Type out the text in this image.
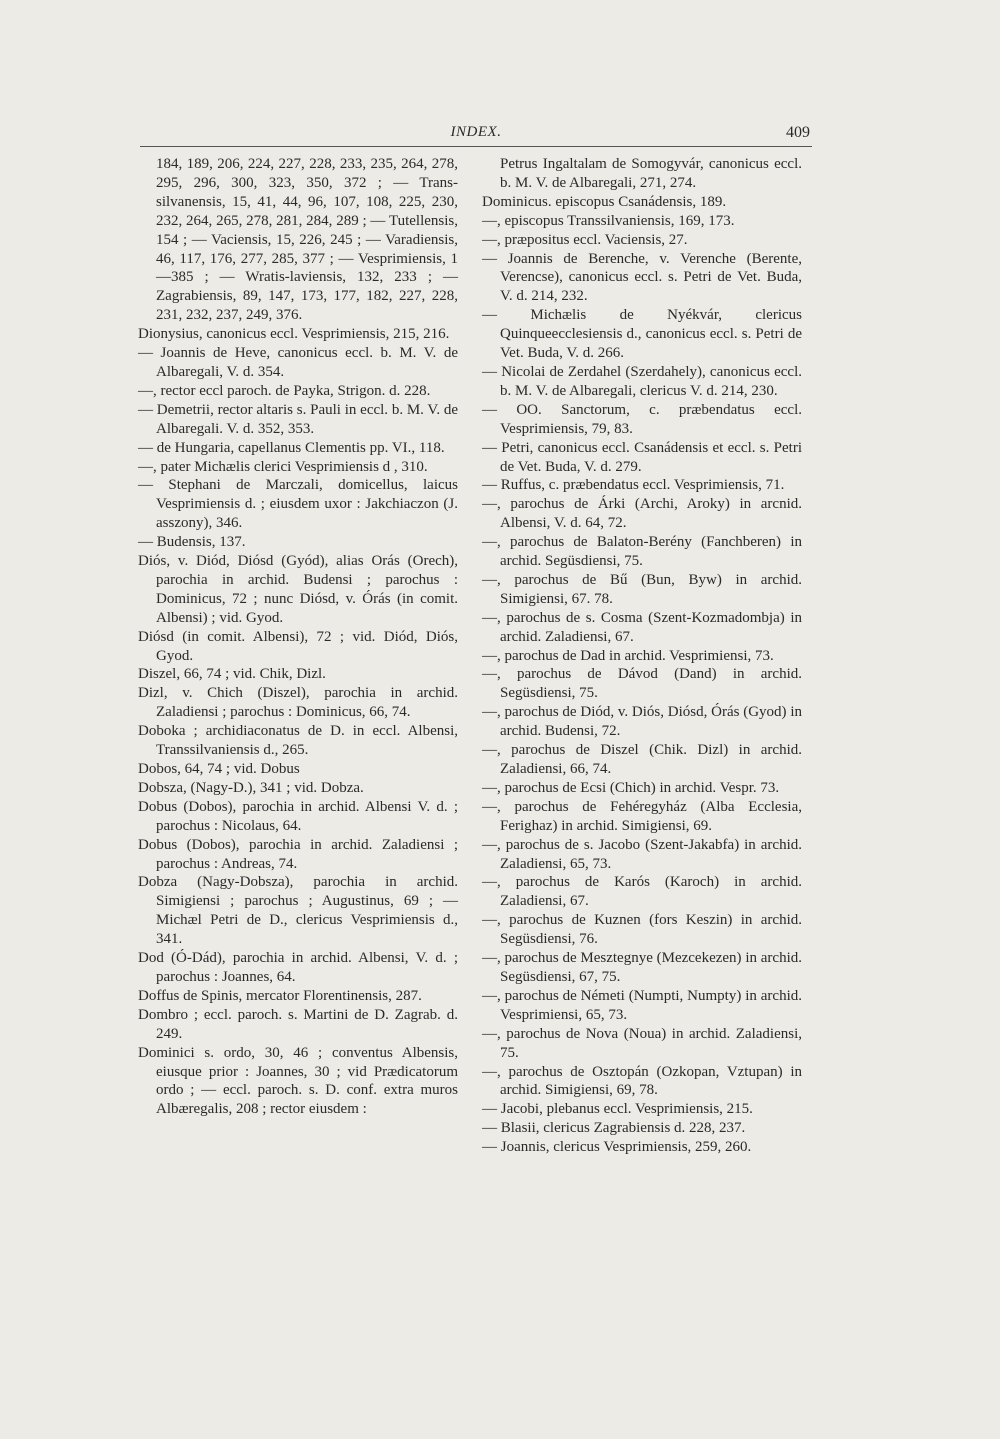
INDEX.	409

184, 189, 206, 224, 227, 228, 233, 235, 264, 278, 295, 296, 300, 323, 350, 372 ; — Trans-silvanensis, 15, 41, 44, 96, 107, 108, 225, 230, 232, 264, 265, 278, 281, 284, 289 ; — Tutellensis, 154 ; — Vaciensis, 15, 226, 245 ; — Varadiensis, 46, 117, 176, 277, 285, 377 ; — Vesprimiensis, 1—385 ; — Wratis-laviensis, 132, 233 ; — Zagrabiensis, 89, 147, 173, 177, 182, 227, 228, 231, 232, 237, 249, 376.

Dionysius, canonicus eccl. Vesprimiensis, 215, 216.

— Joannis de Heve, canonicus eccl. b. M. V. de Albaregali, V. d. 354.

—, rector eccl paroch. de Payka, Strigon. d. 228.

— Demetrii, rector altaris s. Pauli in eccl. b. M. V. de Albaregali. V. d. 352, 353.

— de Hungaria, capellanus Clementis pp. VI., 118.

—, pater Michælis clerici Vesprimiensis d , 310.

— Stephani de Marczali, domicellus, laicus Vesprimiensis d. ; eiusdem uxor : Jakchiaczon (J. asszony), 346.

— Budensis, 137.

Diós, v. Diód, Diósd (Gyód), alias Orás (Orech), parochia in archid. Budensi ; parochus : Dominicus, 72 ; nunc Diósd, v. Órás (in comit. Albensi) ; vid. Gyod.

Diósd (in comit. Albensi), 72 ; vid. Diód, Diós, Gyod.

Diszel, 66, 74 ; vid. Chik, Dizl.

Dizl, v. Chich (Diszel), parochia in archid. Zaladiensi ; parochus : Dominicus, 66, 74.

Doboka ; archidiaconatus de D. in eccl. Albensi, Transsilvaniensis d., 265.

Dobos, 64, 74 ; vid. Dobus

Dobsza, (Nagy-D.), 341 ; vid. Dobza.

Dobus (Dobos), parochia in archid. Albensi V. d. ; parochus : Nicolaus, 64.

Dobus (Dobos), parochia in archid. Zaladiensi ; parochus : Andreas, 74.

Dobza (Nagy-Dobsza), parochia in archid. Simigiensi ; parochus ; Augustinus, 69 ; — Michæl Petri de D., clericus Vesprimiensis d., 341.

Dod (Ó-Dád), parochia in archid. Albensi, V. d. ; parochus : Joannes, 64.

Doffus de Spinis, mercator Florentinensis, 287.

Dombro ; eccl. paroch. s. Martini de D. Zagrab. d. 249.

Dominici s. ordo, 30, 46 ; conventus Albensis, eiusque prior : Joannes, 30 ; vid Prædicatorum ordo ; — eccl. paroch. s. D. conf. extra muros Albæregalis, 208 ; rector eiusdem :

Petrus Ingaltalam de Somogyvár, canonicus eccl. b. M. V. de Albaregali, 271, 274.

Dominicus. episcopus Csanádensis, 189.

—, episcopus Transsilvaniensis, 169, 173.

—, præpositus eccl. Vaciensis, 27.

— Joannis de Berenche, v. Verenche (Berente, Verencse), canonicus eccl. s. Petri de Vet. Buda, V. d. 214, 232.

— Michælis de Nyékvár, clericus Quinqueecclesiensis d., canonicus eccl. s. Petri de Vet. Buda, V. d. 266.

— Nicolai de Zerdahel (Szerdahely), canonicus eccl. b. M. V. de Albaregali, clericus V. d. 214, 230.

— OO. Sanctorum, c. præbendatus eccl. Vesprimiensis, 79, 83.

— Petri, canonicus eccl. Csanádensis et eccl. s. Petri de Vet. Buda, V. d. 279.

— Ruffus, c. præbendatus eccl. Vesprimiensis, 71.

—, parochus de Árki (Archi, Aroky) in arcnid. Albensi, V. d. 64, 72.

—, parochus de Balaton-Berény (Fanchberen) in archid. Següsdiensi, 75.

—, parochus de Bű (Bun, Byw) in archid. Simigiensi, 67. 78.

—, parochus de s. Cosma (Szent-Kozmadombja) in archid. Zaladiensi, 67.

—, parochus de Dad in archid. Vesprimiensi, 73.

—, parochus de Dávod (Dand) in archid. Següsdiensi, 75.

—, parochus de Diód, v. Diós, Diósd, Órás (Gyod) in archid. Budensi, 72.

—, parochus de Diszel (Chik. Dizl) in archid. Zaladiensi, 66, 74.

—, parochus de Ecsi (Chich) in archid. Vespr. 73.

—, parochus de Fehéregyház (Alba Ecclesia, Ferighaz) in archid. Simigiensi, 69.

—, parochus de s. Jacobo (Szent-Jakabfa) in archid. Zaladiensi, 65, 73.

—, parochus de Karós (Karoch) in archid. Zaladiensi, 67.

—, parochus de Kuznen (fors Keszin) in archid. Següsdiensi, 76.

—, parochus de Mesztegnye (Mezcekezen) in archid. Següsdiensi, 67, 75.

—, parochus de Németi (Numpti, Numpty) in archid. Vesprimiensi, 65, 73.

—, parochus de Nova (Noua) in archid. Zaladiensi, 75.

—, parochus de Osztopán (Ozkopan, Vztupan) in archid. Simigiensi, 69, 78.

— Jacobi, plebanus eccl. Vesprimiensis, 215.

— Blasii, clericus Zagrabiensis d. 228, 237.

— Joannis, clericus Vesprimiensis, 259, 260.
